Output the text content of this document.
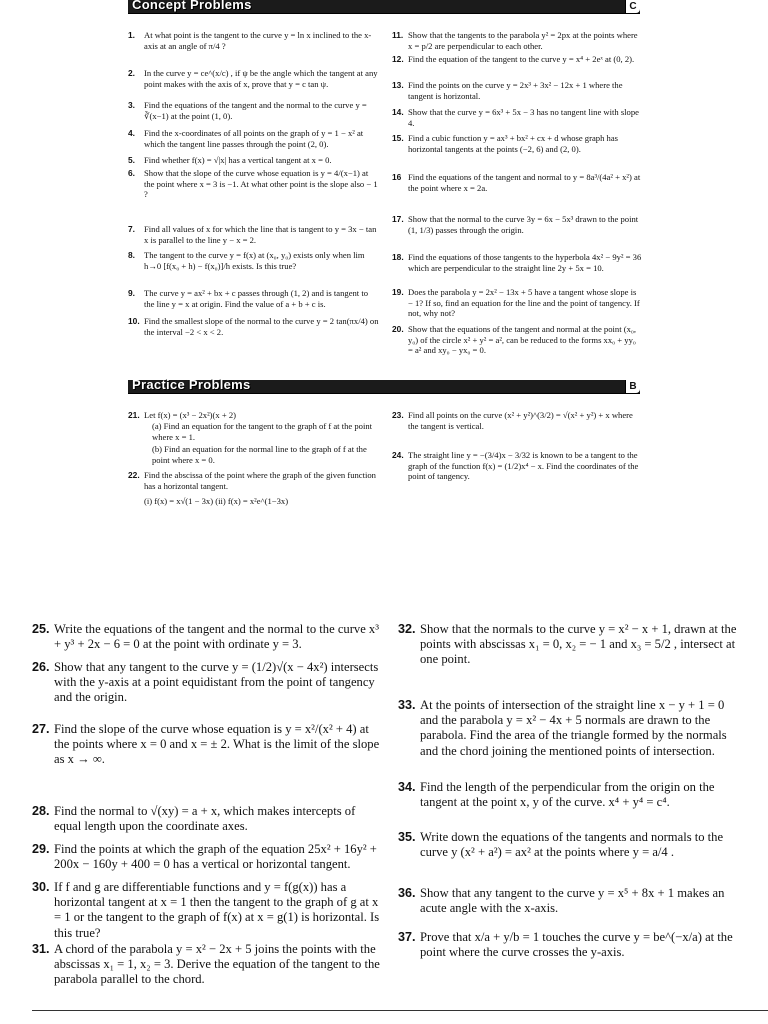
Concept Problems	C
1.	At what point is the tangent to the curve y = ln x inclined to the x-axis at an angle of π/4 ?
2.	In the curve y = ce^(x/c) , if ψ be the angle which the tangent at any point makes with the axis of x, prove that y = c tan ψ.
3.	Find the equations of the tangent and the normal to the curve y = ∛(x−1) at the point (1, 0).
4.	Find the x-coordinates of all points on the graph of y = 1 − x² at which the tangent line passes through the point (2, 0).
5.	Find whether f(x) = √|x| has a vertical tangent at x = 0.
6.	Show that the slope of the curve whose equation is y = 4/(x−1) at the point where x = 3 is −1. At what other point is the slope also − 1 ?
7.	Find all values of x for which the line that is tangent to y = 3x − tan x is parallel to the line y − x = 2.
8.	The tangent to the curve y = f(x) at (x₀, y₀) exists only when lim h→0 [f(x₀ + h) − f(x₀)]/h exists. Is this true?
9.	The curve y = ax² + bx + c passes through (1, 2) and is tangent to the line y = x at origin. Find the value of a + b + c is.
10. Find the smallest slope of the normal to the curve y = 2 tan(πx/4) on the interval −2 < x < 2.
11. Show that the tangents to the parabola y² = 2px at the points where x = p/2 are perpendicular to each other.
12. Find the equation of the tangent to the curve y = x⁴ + 2eˣ at (0, 2).
13. Find the points on the curve y = 2x³ + 3x² − 12x + 1 where the tangent is horizontal.
14. Show that the curve y = 6x³ + 5x − 3 has no tangent line with slope 4.
15. Find a cubic function y = ax³ + bx² + cx + d whose graph has horizontal tangents at the points (−2, 6) and (2, 0).
16 Find the equations of the tangent and normal to y = 8a³/(4a² + x²) at the point where x = 2a.
17. Show that the normal to the curve 3y = 6x − 5x³ drawn to the point (1, 1/3) passes through the origin.
18. Find the equations of those tangents to the hyperbola 4x² − 9y² = 36 which are perpendicular to the straight line 2y + 5x = 10.
19. Does the parabola y = 2x² − 13x + 5 have a tangent whose slope is − 1? If so, find an equation for the line and the point of tangency. If not, why not?
20. Show that the equations of the tangent and normal at the point (x₀, y₀) of the circle x² + y² = a², can be reduced to the forms xx₀ + yy₀ = a² and xy₀ − yx₀ = 0.
Practice Problems	B
21. Let f(x) = (x³ − 2x²)(x + 2)
(a) Find an equation for the tangent to the graph of f at the point where x = 1.
(b) Find an equation for the normal line to the graph of f at the point where x = 0.
22. Find the abscissa of the point where the graph of the given function has a horizontal tangent.
(i) f(x) = x√(1 − 3x) (ii) f(x) = x²e^(1−3x)
23. Find all points on the curve (x² + y²)^(3/2) = √(x² + y²) + x where the tangent is vertical.
24. The straight line y = −(3/4)x − 3/32 is known to be a tangent to the graph of the function f(x) = (1/2)x⁴ − x. Find the coordinates of the point of tangency.
25. Write the equations of the tangent and the normal to the curve x³ + y³ + 2x − 6 = 0 at the point with ordinate y = 3.
26. Show that any tangent to the curve y = (1/2)√(x − 4x²) intersects with the y-axis at a point equidistant from the point of tangency and the origin.
27. Find the slope of the curve whose equation is y = x²/(x² + 4) at the points where x = 0 and x = ± 2. What is the limit of the slope as x → ∞.
28. Find the normal to √(xy) = a + x, which makes intercepts of equal length upon the coordinate axes.
29. Find the points at which the graph of the equation 25x² + 16y² + 200x − 160y + 400 = 0 has a vertical or horizontal tangent.
30. If f and g are differentiable functions and y = f(g(x)) has a horizontal tangent at x = 1 then the tangent to the graph of g at x = 1 or the tangent to the graph of f(x) at x = g(1) is horizontal. Is this true?
31. A chord of the parabola y = x² − 2x + 5 joins the points with the abscissas x₁ = 1, x₂ = 3. Derive the equation of the tangent to the parabola parallel to the chord.
32. Show that the normals to the curve y = x² − x + 1, drawn at the points with abscissas x₁ = 0, x₂ = − 1 and x₃ = 5/2 , intersect at one point.
33. At the points of intersection of the straight line x − y + 1 = 0 and the parabola y = x² − 4x + 5 normals are drawn to the parabola. Find the area of the triangle formed by the normals and the chord joining the mentioned points of intersection.
34. Find the length of the perpendicular from the origin on the tangent at the point x, y of the curve. x⁴ + y⁴ = c⁴.
35. Write down the equations of the tangents and normals to the curve y (x² + a²) = ax² at the points where y = a/4 .
36. Show that any tangent to the curve y = x⁵ + 8x + 1 makes an acute angle with the x-axis.
37. Prove that x/a + y/b = 1 touches the curve y = be^(−x/a) at the point where the curve crosses the y-axis.
